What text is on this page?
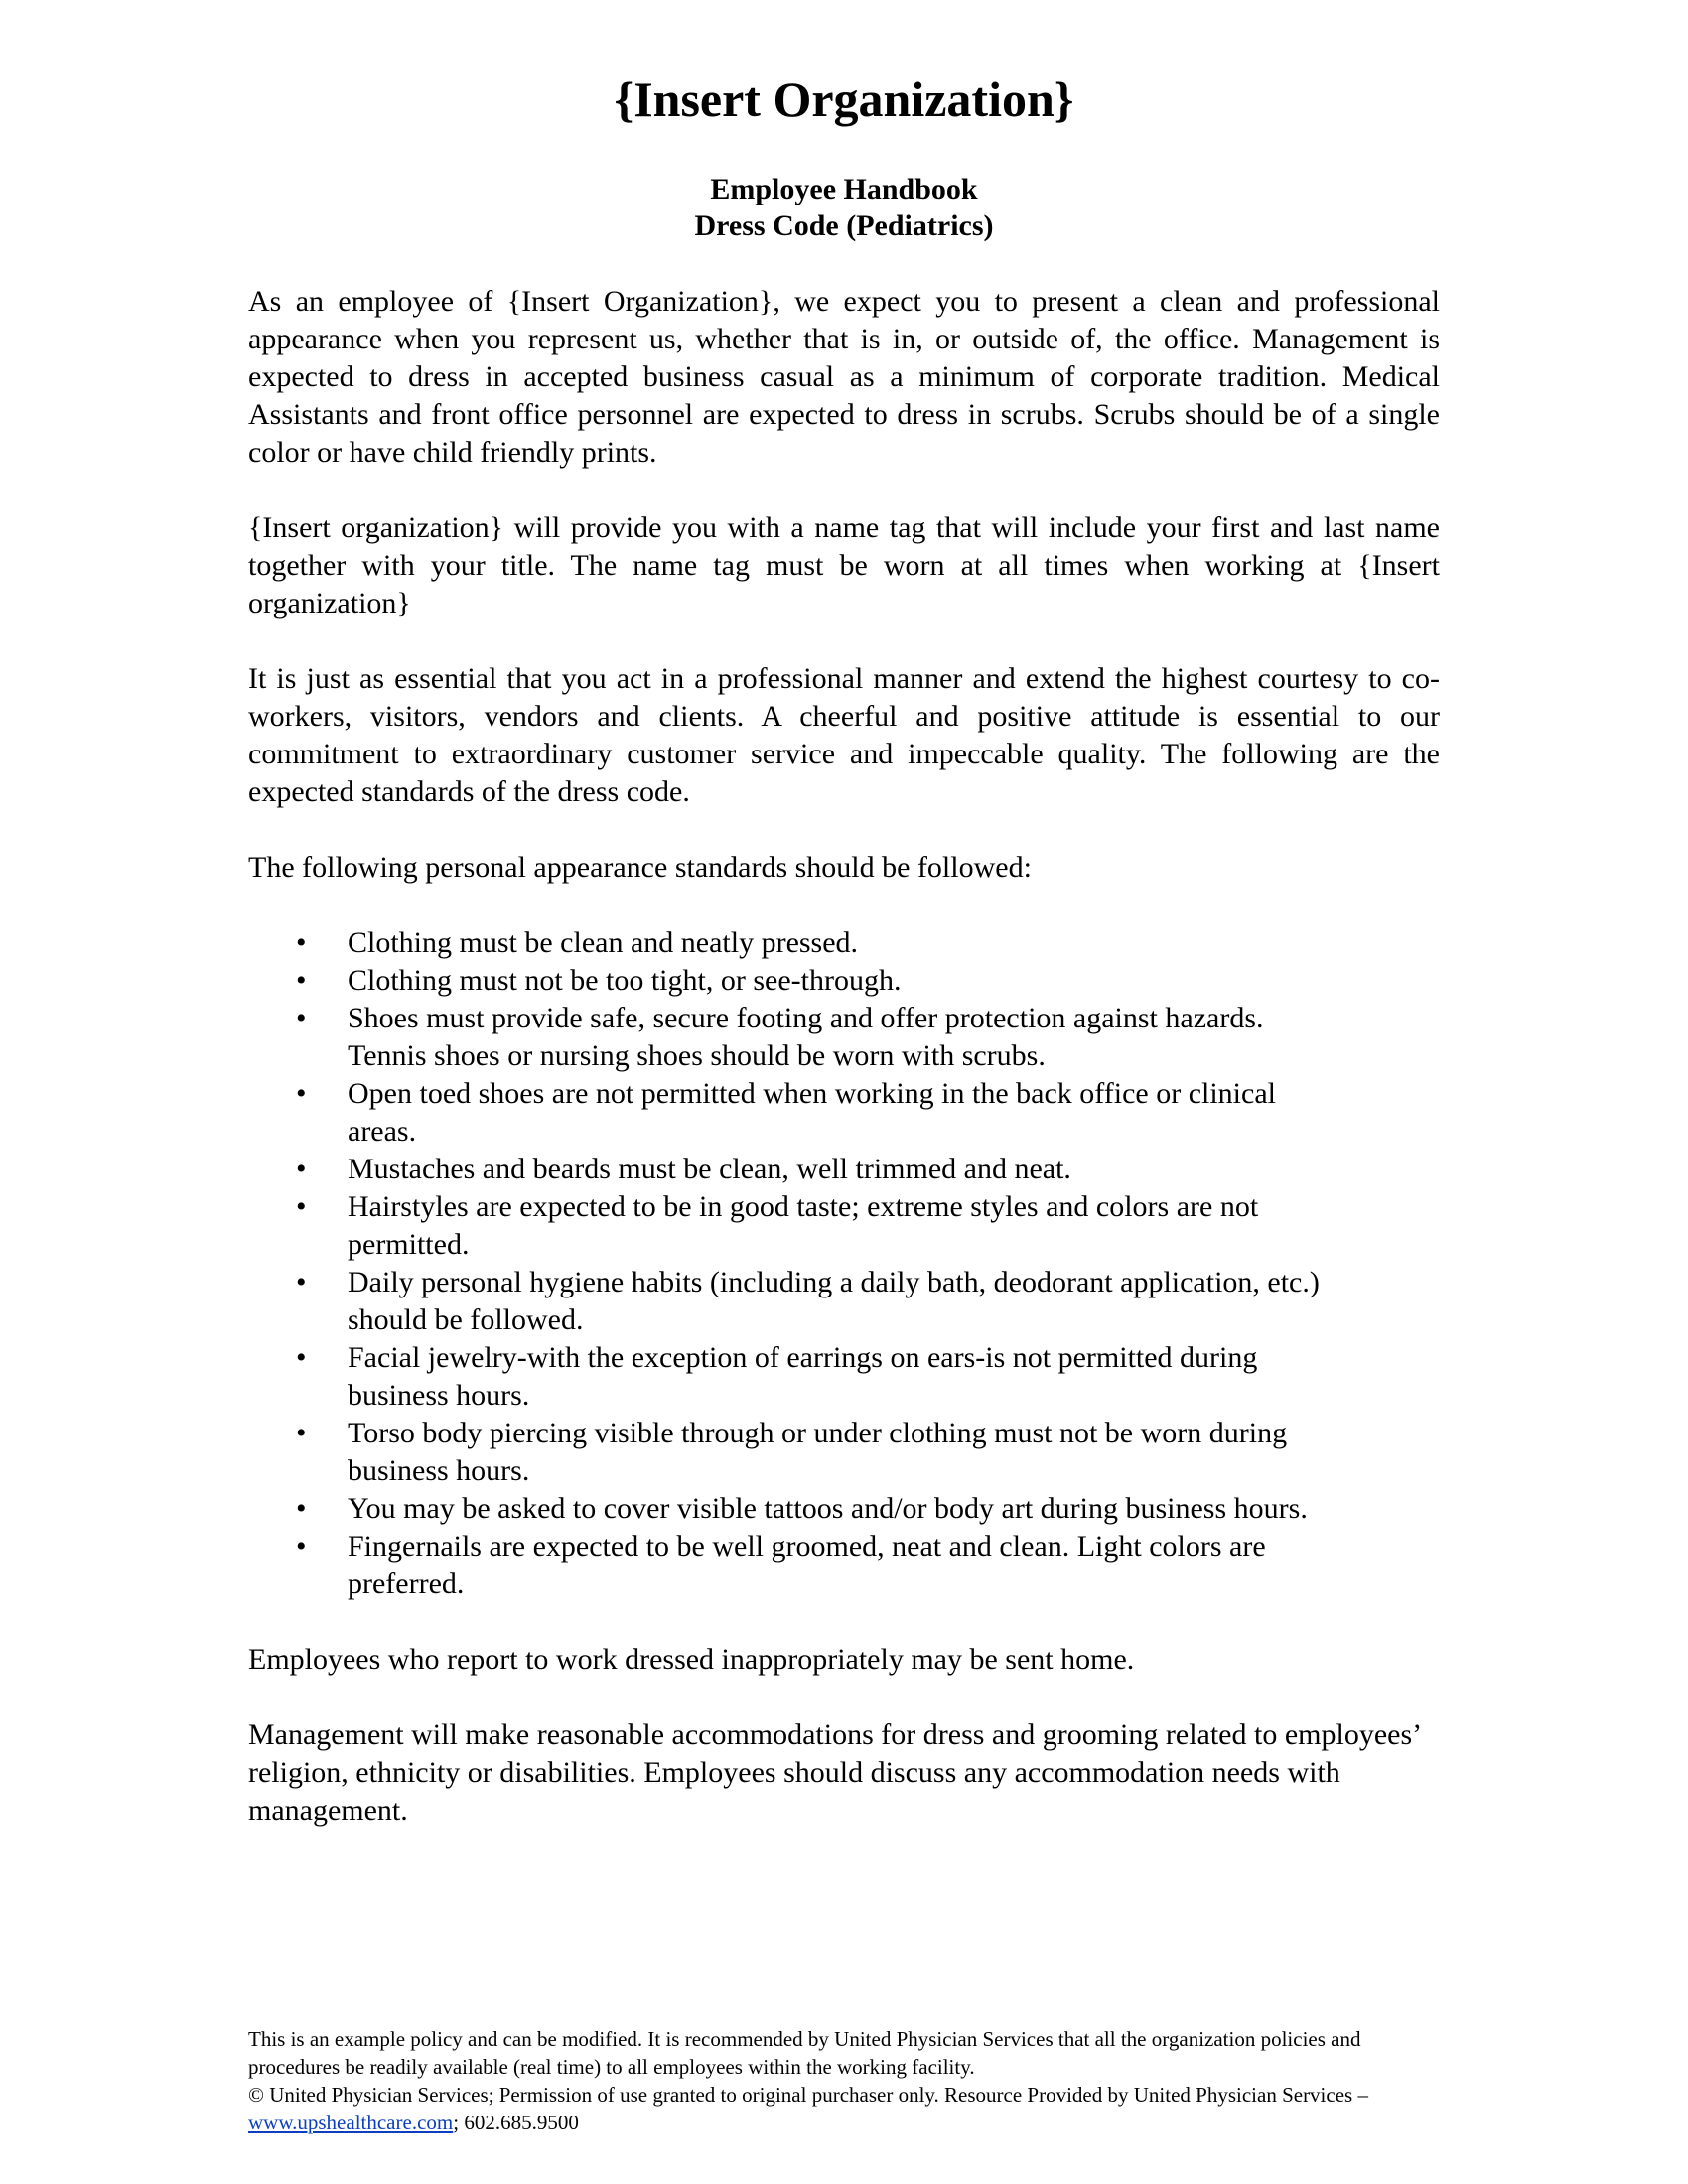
{Insert Organization}
Employee Handbook
Dress Code (Pediatrics)

As an employee of {Insert Organization}, we expect you to present a clean and professional appearance when you represent us, whether that is in, or outside of, the office. Management is expected to dress in accepted business casual as a minimum of corporate tradition. Medical Assistants and front office personnel are expected to dress in scrubs. Scrubs should be of a single color or have child friendly prints.

{Insert organization} will provide you with a name tag that will include your first and last name together with your title. The name tag must be worn at all times when working at {Insert organization}

It is just as essential that you act in a professional manner and extend the highest courtesy to co-workers, visitors, vendors and clients. A cheerful and positive attitude is essential to our commitment to extraordinary customer service and impeccable quality. The following are the expected standards of the dress code.

The following personal appearance standards should be followed:

• Clothing must be clean and neatly pressed.
• Clothing must not be too tight, or see-through.
• Shoes must provide safe, secure footing and offer protection against hazards. Tennis shoes or nursing shoes should be worn with scrubs.
• Open toed shoes are not permitted when working in the back office or clinical areas.
• Mustaches and beards must be clean, well trimmed and neat.
• Hairstyles are expected to be in good taste; extreme styles and colors are not permitted.
• Daily personal hygiene habits (including a daily bath, deodorant application, etc.) should be followed.
• Facial jewelry-with the exception of earrings on ears-is not permitted during business hours.
• Torso body piercing visible through or under clothing must not be worn during business hours.
• You may be asked to cover visible tattoos and/or body art during business hours.
• Fingernails are expected to be well groomed, neat and clean. Light colors are preferred.

Employees who report to work dressed inappropriately may be sent home.

Management will make reasonable accommodations for dress and grooming related to employees’ religion, ethnicity or disabilities. Employees should discuss any accommodation needs with management.

This is an example policy and can be modified. It is recommended by United Physician Services that all the organization policies and procedures be readily available (real time) to all employees within the working facility.
© United Physician Services; Permission of use granted to original purchaser only. Resource Provided by United Physician Services – www.upshealthcare.com; 602.685.9500
